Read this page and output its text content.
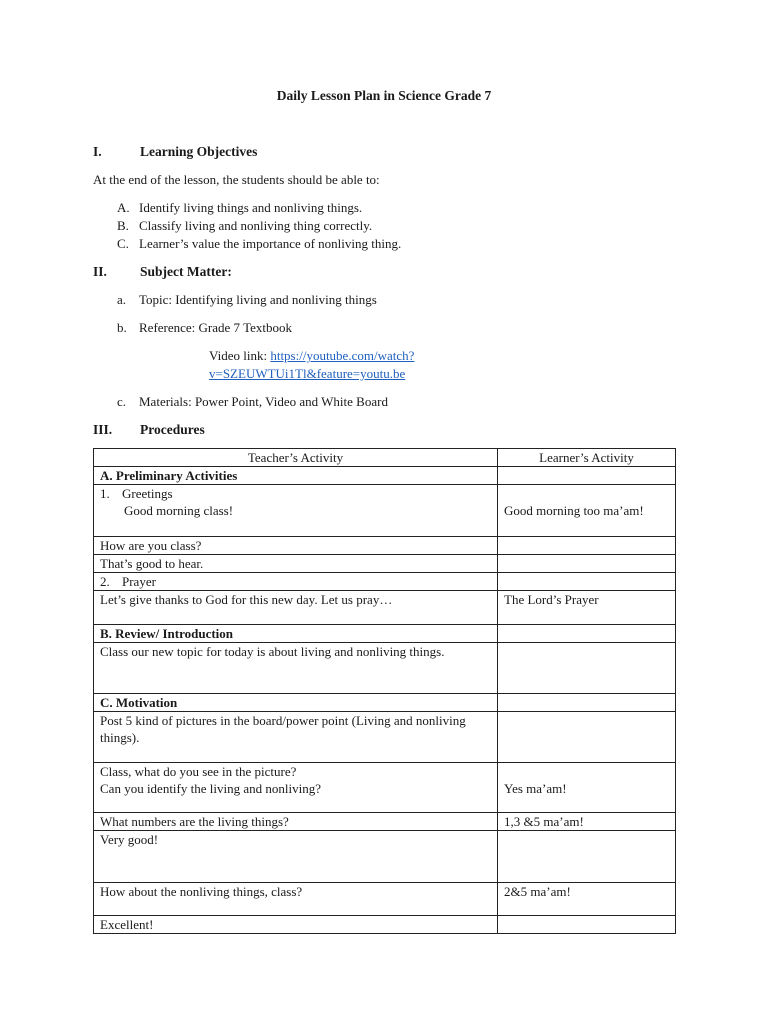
Daily Lesson Plan in Science Grade 7
I.	Learning Objectives
At the end of the lesson, the students should be able to:
A. Identify living things and nonliving things.
B. Classify living and nonliving thing correctly.
C. Learner’s value the importance of nonliving thing.
II. Subject Matter:
a. Topic: Identifying living and nonliving things
b. Reference: Grade 7 Textbook
Video link: https://youtube.com/watch?
v=SZEUWTUi1Tl&feature=youtu.be
c. Materials: Power Point, Video and White Board
III. Procedures
Teacher’s Activity	Learner’s Activity
A. Preliminary Activities	
1. Greetings
Good morning class!	Good morning too ma’am!
How are you class?	
That’s good to hear.	
2. Prayer	
Let’s give thanks to God for this new day. Let us pray…	The Lord’s Prayer
B. Review/ Introduction	
Class our new topic for today is about living and nonliving things.	
C. Motivation	
Post 5 kind of pictures in the board/power point (Living and nonliving things).	

Class, what do you see in the picture?
Can you identify the living and nonliving?	Yes ma’am!
What numbers are the living things?	1,3 &5 ma’am!
Very good!	
How about the nonliving things, class?	2&5 ma’am!
Excellent!	
